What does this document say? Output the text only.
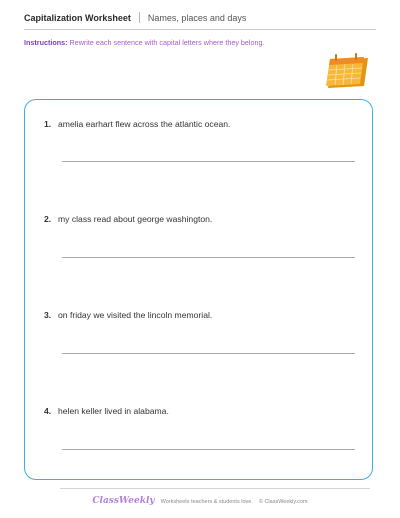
Capitalization Worksheet Names, places and days
Instructions: Rewrite each sentence with capital letters where they belong.
1. amelia earhart flew across the atlantic ocean.
2. my class read about george washington.
3. on friday we visited the lincoln memorial.
4. helen keller lived in alabama.
ClassWeekly Worksheets teachers & students love. © ClassWeekly.com
